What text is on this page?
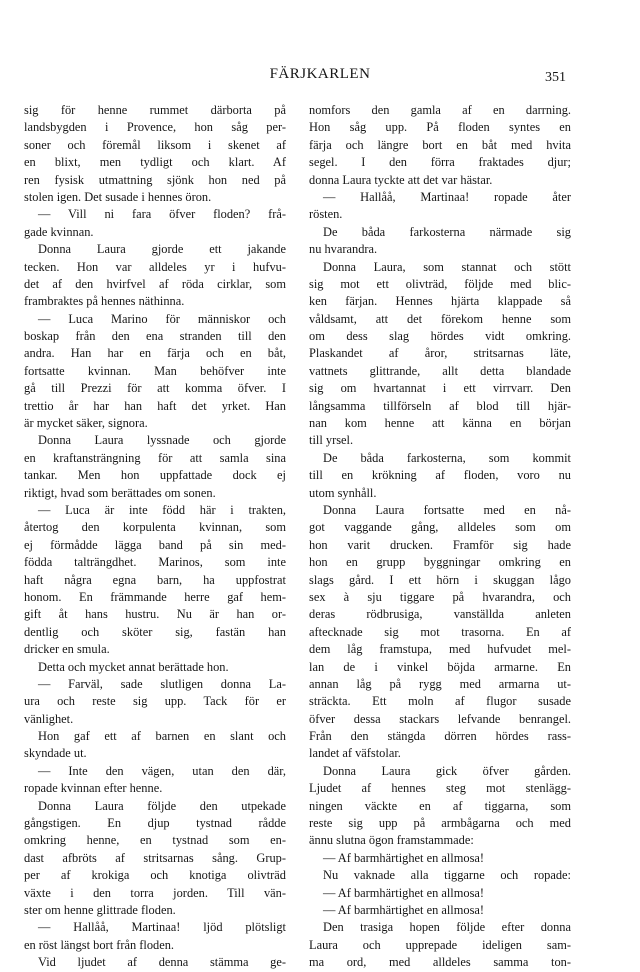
FÄRJKARLEN	351
sig för henne rummet därborta på
landsbygden i Provence, hon såg per-
soner och föremål liksom i skenet af
en blixt, men tydligt och klart. Af
ren fysisk utmattning sjönk hon ned på
stolen igen. Det susade i hennes öron.
— Vill ni fara öfver floden? frå-
gade kvinnan.
Donna Laura gjorde ett jakande
tecken. Hon var alldeles yr i hufvu-
det af den hvirfvel af röda cirklar, som
frambraktes på hennes näthinna.
— Luca Marino för människor och
boskap från den ena stranden till den
andra. Han har en färja och en båt,
fortsatte kvinnan. Man behöfver inte
gå till Prezzi för att komma öfver. I
trettio år har han haft det yrket. Han
är mycket säker, signora.
Donna Laura lyssnade och gjorde
en kraftansträngning för att samla sina
tankar. Men hon uppfattade dock ej
riktigt, hvad som berättades om sonen.
— Luca är inte född här i trakten,
återtog den korpulenta kvinnan, som
ej förmådde lägga band på sin med-
födda talträngdhet. Marinos, som inte
haft några egna barn, ha uppfostrat
honom. En främmande herre gaf hem-
gift åt hans hustru. Nu är han or-
dentlig och sköter sig, fastän han
dricker en smula.
Detta och mycket annat berättade hon.
— Farväl, sade slutligen donna La-
ura och reste sig upp. Tack för er
vänlighet.
Hon gaf ett af barnen en slant och
skyndade ut.
— Inte den vägen, utan den där,
ropade kvinnan efter henne.
Donna Laura följde den utpekade
gångstigen. En djup tystnad rådde
omkring henne, en tystnad som en-
dast afbröts af stritsarnas sång. Grup-
per af krokiga och knotiga olivträd
växte i den torra jorden. Till vän-
ster om henne glittrade floden.
— Hallåå, Martinaa! ljöd plötsligt
en röst längst bort från floden.
Vid ljudet af denna stämma ge-
nomfors den gamla af en darrning.
Hon såg upp. På floden syntes en
färja och längre bort en båt med hvita
segel. I den förra fraktades djur;
donna Laura tyckte att det var hästar.
— Hallåå, Martinaa! ropade åter
rösten.
De båda farkosterna närmade sig
nu hvarandra.
Donna Laura, som stannat och stött
sig mot ett olivträd, följde med blic-
ken färjan. Hennes hjärta klappade så
våldsamt, att det förekom henne som
om dess slag hördes vidt omkring.
Plaskandet af åror, stritsarnas läte,
vattnets glittrande, allt detta blandade
sig om hvartannat i ett virrvarr. Den
långsamma tillförseln af blod till hjär-
nan kom henne att känna en början
till yrsel.
De båda farkosterna, som kommit
till en krökning af floden, voro nu
utom synhåll.
Donna Laura fortsatte med en nå-
got vaggande gång, alldeles som om
hon varit drucken. Framför sig hade
hon en grupp byggningar omkring en
slags gård. I ett hörn i skuggan lågo
sex à sju tiggare på hvarandra, och
deras rödbrusiga, vanställda anleten
aftecknade sig mot trasorna. En af
dem låg framstupa, med hufvudet mel-
lan de i vinkel böjda armarne. En
annan låg på rygg med armarna ut-
sträckta. Ett moln af flugor susade
öfver dessa stackars lefvande benrangel.
Från den stängda dörren hördes rass-
landet af väfstolar.
Donna Laura gick öfver gården.
Ljudet af hennes steg mot stenlägg-
ningen väckte en af tiggarna, som
reste sig upp på armbågarna och med
ännu slutna ögon framstammade:
— Af barmhärtighet en allmosa!
Nu vaknade alla tiggarne och ropade:
— Af barmhärtighet en allmosa!
— Af barmhärtighet en allmosa!
Den trasiga hopen följde efter donna
Laura och upprepade ideligen sam-
ma ord, med alldeles samma ton-
